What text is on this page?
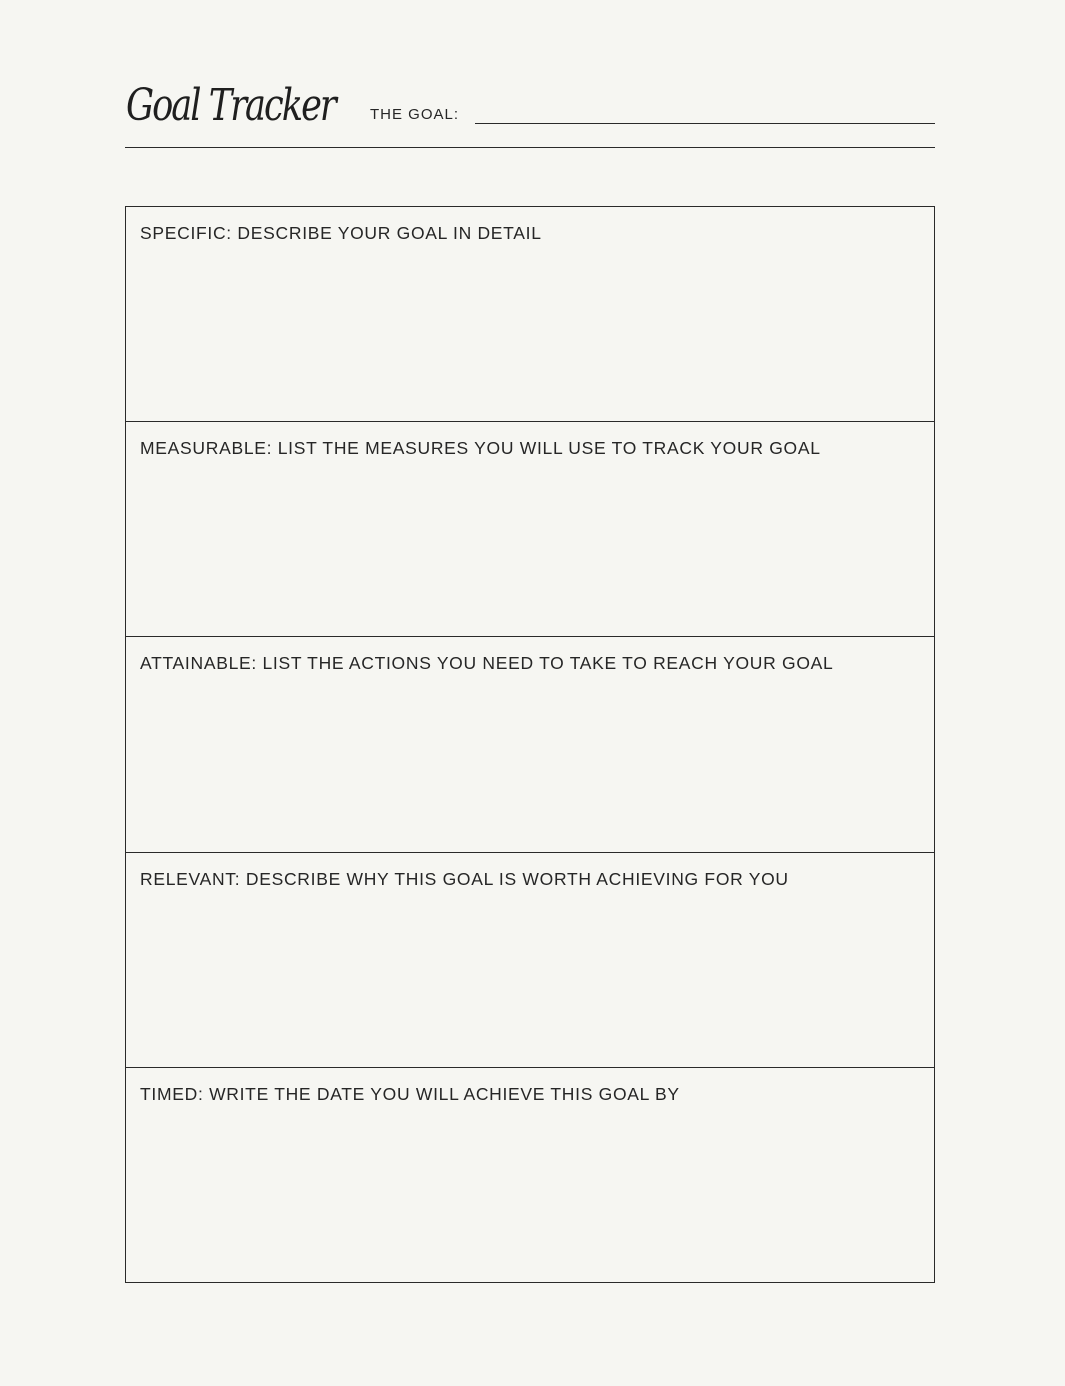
Goal Tracker THE GOAL:
SPECIFIC: DESCRIBE YOUR GOAL IN DETAIL
MEASURABLE: LIST THE MEASURES YOU WILL USE TO TRACK YOUR GOAL
ATTAINABLE: LIST THE ACTIONS YOU NEED TO TAKE TO REACH YOUR GOAL
RELEVANT: DESCRIBE WHY THIS GOAL IS WORTH ACHIEVING FOR YOU
TIMED: WRITE THE DATE YOU WILL ACHIEVE THIS GOAL BY
